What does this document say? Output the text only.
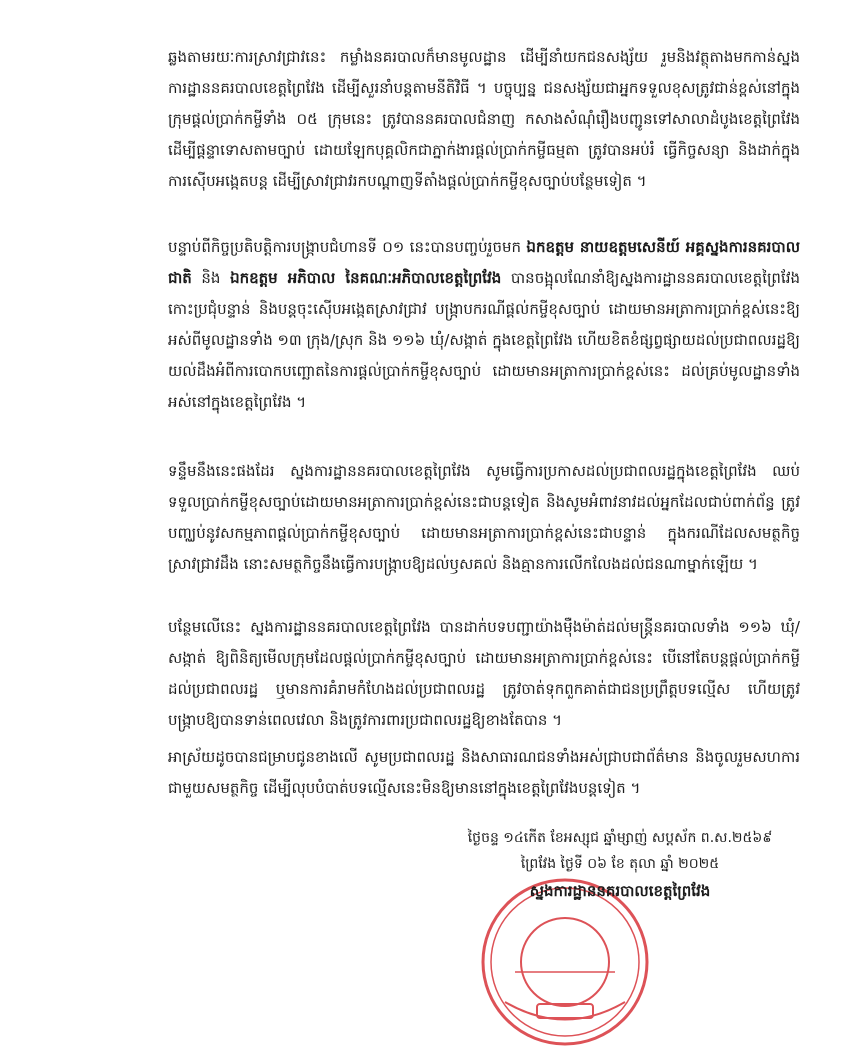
ឆ្លងតាមរយៈការស្រាវជ្រាវនេះ កម្លាំងនគរបាលក៏មានមូលដ្ឋាន ដើម្បីនាំយកជនសង្ស័យ រួមនិងវត្ថុតាងមកកាន់ស្នងការដ្ឋាននគរបាលខេត្តព្រៃវែង ដើម្បីសួរនាំបន្តតាមនីតិវិធី ។ បច្ចុប្បន្ន ជនសង្ស័យជាអ្នកទទួលខុសត្រូវជាន់ខ្ពស់នៅក្នុងក្រុមផ្ដល់ប្រាក់កម្ចីទាំង ០៥ ក្រុមនេះ ត្រូវបាននគរបាលជំនាញ កសាងសំណុំរឿងបញ្ជូនទៅសាលាដំបូងខេត្តព្រៃវែង ដើម្បីផ្ដន្ទាទោសតាមច្បាប់ ដោយឡែកបុគ្គលិកជាភ្នាក់ងារផ្ដល់ប្រាក់កម្ចីធម្មតា ត្រូវបានអប់រំ ធ្វើកិច្ចសន្យា និងដាក់ក្នុងការស៊ើបអង្កេតបន្ត ដើម្បីស្រាវជ្រាវរកបណ្ដាញទីតាំងផ្ដល់ប្រាក់កម្ចីខុសច្បាប់បន្ថែមទៀត ។

បន្ទាប់ពីកិច្ចប្រតិបត្តិការបង្ក្រាបជំហានទី ០១ នេះបានបញ្ចប់រួចមក ឯកឧត្តម នាយឧត្តមសេនីយ៍ អគ្គស្នងការនគរបាលជាតិ និង ឯកឧត្តម អភិបាល នៃគណៈអភិបាលខេត្តព្រៃវែង បានចង្អុលណែនាំឱ្យស្នងការដ្ឋាននគរបាលខេត្តព្រៃវែង កោះប្រជុំបន្ទាន់ និងបន្តចុះស៊ើបអង្កេតស្រាវជ្រាវ បង្ក្រាបករណីផ្ដល់កម្ចីខុសច្បាប់ ដោយមានអត្រាការប្រាក់ខ្ពស់នេះឱ្យអស់ពីមូលដ្ឋានទាំង ១៣ ក្រុង/ស្រុក និង ១១៦ ឃុំ/សង្កាត់ ក្នុងខេត្តព្រៃវែង ហើយខិតខំផ្សព្វផ្សាយដល់ប្រជាពលរដ្ឋឱ្យយល់ដឹងអំពីការបោកបញ្ឆោតនៃការផ្ដល់ប្រាក់កម្ចីខុសច្បាប់ ដោយមានអត្រាការប្រាក់ខ្ពស់នេះ ដល់គ្រប់មូលដ្ឋានទាំងអស់នៅក្នុងខេត្តព្រៃវែង ។

ទន្ទឹមនឹងនេះផងដែរ ស្នងការដ្ឋាននគរបាលខេត្តព្រៃវែង សូមធ្វើការប្រកាសដល់ប្រជាពលរដ្ឋក្នុងខេត្តព្រៃវែង ឈប់ទទួលប្រាក់កម្ចីខុសច្បាប់ដោយមានអត្រាការប្រាក់ខ្ពស់នេះជាបន្តទៀត និងសូមអំពាវនាវដល់អ្នកដែលជាប់ពាក់ព័ន្ធ ត្រូវបញ្ឈប់នូវសកម្មភាពផ្ដល់ប្រាក់កម្ចីខុសច្បាប់ ដោយមានអត្រាការប្រាក់ខ្ពស់នេះជាបន្ទាន់ ក្នុងករណីដែលសមត្ថកិច្ចស្រាវជ្រាវដឹង នោះសមត្ថកិច្ចនឹងធ្វើការបង្ក្រាបឱ្យដល់ឫសគល់ និងគ្មានការលើកលែងដល់ជនណាម្នាក់ឡើយ ។

បន្ថែមលើនេះ ស្នងការដ្ឋាននគរបាលខេត្តព្រៃវែង បានដាក់បទបញ្ជាយ៉ាងម៉ឺងម៉ាត់ដល់មន្ត្រីនគរបាលទាំង ១១៦ ឃុំ/សង្កាត់ ឱ្យពិនិត្យមើលក្រុមដែលផ្ដល់ប្រាក់កម្ចីខុសច្បាប់ ដោយមានអត្រាការប្រាក់ខ្ពស់នេះ បើនៅតែបន្តផ្ដល់ប្រាក់កម្ចីដល់ប្រជាពលរដ្ឋ ឬមានការគំរាមកំហែងដល់ប្រជាពលរដ្ឋ ត្រូវចាត់ទុកពួកគាត់ជាជនប្រព្រឹត្តបទល្មើស ហើយត្រូវបង្ក្រាបឱ្យបានទាន់ពេលវេលា និងត្រូវការពារប្រជាពលរដ្ឋឱ្យខាងតែបាន ។

អាស្រ័យដូចបានជម្រាបជូនខាងលើ សូមប្រជាពលរដ្ឋ និងសាធារណជនទាំងអស់ជ្រាបជាព័ត៌មាន និងចូលរួមសហការជាមួយសមត្ថកិច្ច ដើម្បីលុបបំបាត់បទល្មើសនេះមិនឱ្យមាននៅក្នុងខេត្តព្រៃវែងបន្តទៀត ។

ថ្ងៃចន្ទ ១៤កើត ខែអស្សុជ ឆ្នាំម្សាញ់ សប្តស័ក ព.ស.២៥៦៩

ព្រៃវែង ថ្ងៃទី ០៦ ខែ តុលា ឆ្នាំ ២០២៥

ស្នងការដ្ឋាននគរបាលខេត្តព្រៃវែង
